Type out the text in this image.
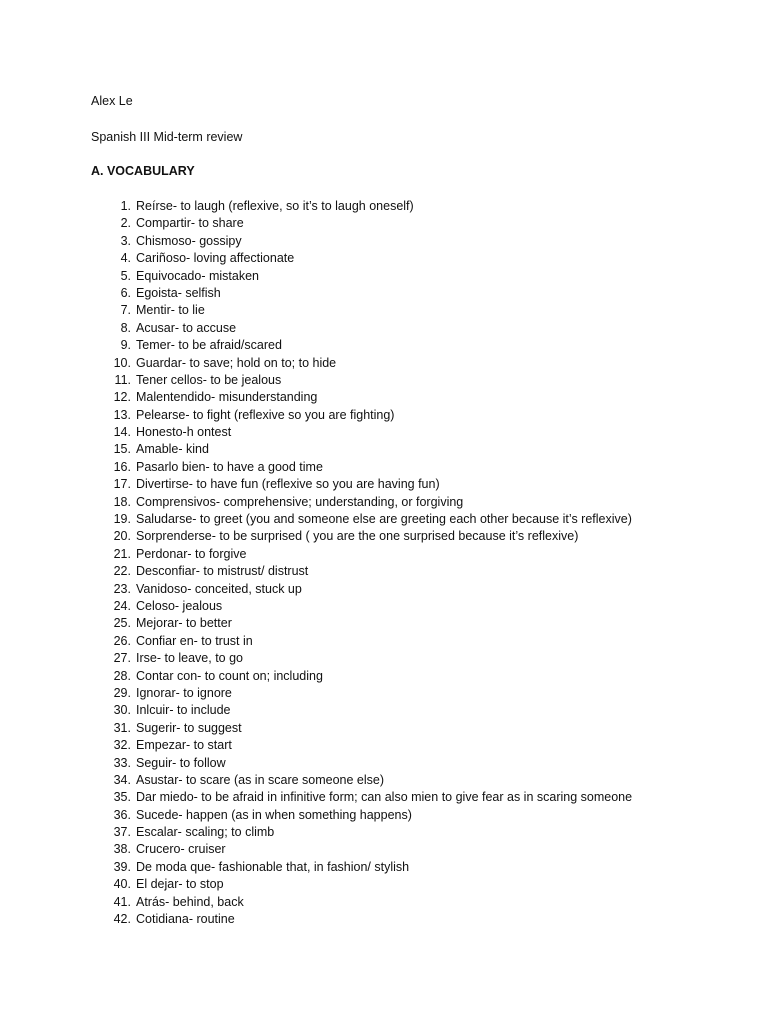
Alex Le
Spanish III Mid-term review
A. VOCABULARY
1. Reírse- to laugh (reflexive, so it’s to laugh oneself)
2. Compartir- to share
3. Chismoso- gossipy
4. Cariñoso- loving affectionate
5. Equivocado- mistaken
6. Egoista- selfish
7. Mentir- to lie
8. Acusar- to accuse
9. Temer- to be afraid/scared
10. Guardar- to save; hold on to; to hide
11. Tener cellos- to be jealous
12. Malentendido- misunderstanding
13. Pelearse- to fight (reflexive so you are fighting)
14. Honesto-h ontest
15. Amable- kind
16. Pasarlo bien- to have a good time
17. Divertirse- to have fun (reflexive so you are having fun)
18. Comprensivos- comprehensive; understanding, or forgiving
19. Saludarse- to greet (you and someone else are greeting each other because it’s reflexive)
20. Sorprenderse- to be surprised ( you are the one surprised because it’s reflexive)
21. Perdonar- to forgive
22. Desconfiar- to mistrust/ distrust
23. Vanidoso- conceited, stuck up
24. Celoso- jealous
25. Mejorar- to better
26. Confiar en- to trust in
27. Irse- to leave, to go
28. Contar con- to count on; including
29. Ignorar- to ignore
30. Inlcuir- to include
31. Sugerir- to suggest
32. Empezar- to start
33. Seguir- to follow
34. Asustar- to scare (as in scare someone else)
35. Dar miedo- to be afraid in infinitive form; can also mien to give fear as in scaring someone
36. Sucede- happen (as in when something happens)
37. Escalar- scaling; to climb
38. Crucero- cruiser
39. De moda que- fashionable that, in fashion/ stylish
40. El dejar- to stop
41. Atrás- behind, back
42. Cotidiana- routine
